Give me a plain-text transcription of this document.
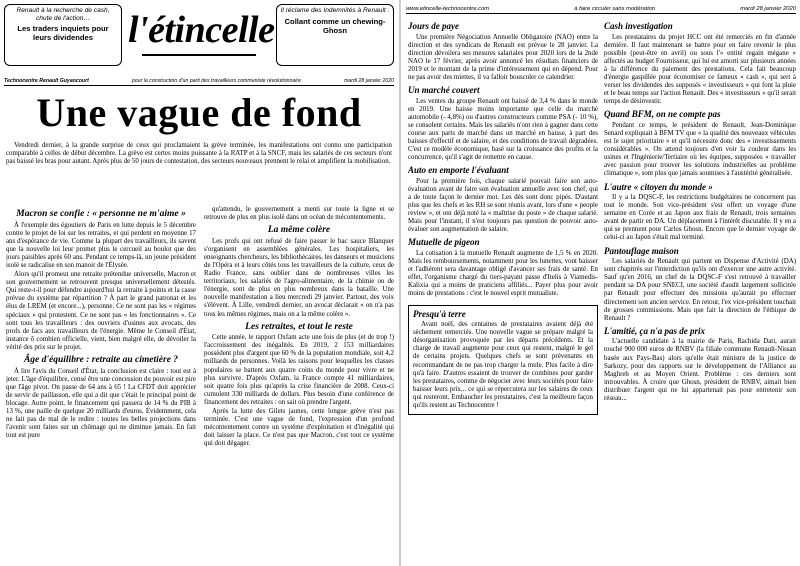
Renault à la recherche de cash, chute de l'action…
Les traders inquiets pour leurs dividendes l'étincelle Il réclame des Indemnités à Renault :
Collant comme un chewing-Ghosn
Technocentre Renault Guyancourt	pour la construction d'un parti des travailleurs communiste révolutionnaire	mardi 28 janvier 2020
Une vague de fond

Vendredi dernier, à la grande surprise de ceux qui proclamaient la grève terminée, les manifestations ont connu une participation comparable à celles de début décembre. La grève est certes moins puissante à la RATP et à la SNCF, mais les salariés de ces secteurs n'ont pas baissé les bras pour autant. Après plus de 50 jours de contestation, des secteurs nouveaux prennent le relai et amplifient la mobilisation.

Macron se confie : « personne ne m'aime »

À l'exemple des égoutiers de Paris en lutte depuis le 5 décembre contre le projet de loi sur les retraites, et qui perdent en moyenne 17 ans d'espérance de vie. Comme la plupart des travailleurs, ils savent que la nouvelle loi leur promet plus le cercueil au boulot que des jours paisibles après 60 ans. Pendant ce temps-là, un jeune président isolé se radicalise en son manoir de l'Élysée.

Alors qu'il promeut une retraite prétendue universelle, Macron et son gouvernement se retrouvent presque universellement détestés. Qui reste-t-il pour défendre aujourd'hui la retraite à points et la casse prévue du système par répartition ? À part le grand patronat et les élus de LREM (et encore...), personne. Ce ne sont pas les « régimes spéciaux » qui protestent. Ce ne sont pas « les fonctionnaires ». Ce sont tous les travailleurs : des ouvriers d'usines aux avocats, des profs de facs aux travailleurs de l'énergie. Même le Conseil d'État, instance ô combien officielle, vient, bien malgré elle, de dévoiler la vérité des prix sur le projet.

Âge d'équilibre : retraite au cimetière ?

À lire l'avis du Conseil d'État, la conclusion est claire : tout est à jeter. L'âge d'équilibre, censé être une concession du pouvoir est pire que l'âge pivot. On passe de 64 ans à 65 ! La CFDT doit apprécier de servir de paillasson, elle qui a dit que c'était le principal point de blocage. Autre point, le financement qui passera de 14 % du PIB à 13 %, une paille de quelque 20 milliards d'euros. Évidemment, cela ne fait pas de mal de le redire : toutes les belles projections dans l'avenir sont faites sur un chômage qui ne diminue jamais. En fait tout est pure

qu'attendu, le gouvernement a menti sur toute la ligne et se retrouve de plus en plus isolé dans un océan de mécontentements.

La même colère

Les profs qui ont refusé de faire passer le bac sauce Blanquer s'organisent en assemblées générales. Les hospitaliers, les enseignants chercheurs, les bibliothécaires, les danseurs et musiciens de l'Opéra et à leurs côtés tous les travailleurs de la culture, ceux de Radio France, sans oublier dans de nombreuses villes les territoriaux, les salariés de l'agro-alimentaire, de la chimie ou de l'énergie, sont de plus en plus nombreux dans la bataille. Une nouvelle manifestation a lieu mercredi 29 janvier. Partout, des voix s'élèvent. À Lille, vendredi dernier, un avocat déclarait « on n'a pas tous les mêmes régimes, mais on a la même colère ».

Les retraites, et tout le reste

Cette année, le rapport Oxfam acte une fois de plus (et de trop !) l'accroissement des inégalités. En 2019, 2 153 milliardaires possèdent plus d'argent que 60 % de la population mondiale, soit 4,2 milliards de personnes. Voilà les raisons pour lesquelles les classes populaires se battent aux quatre coins du monde pour vivre et ne plus survivre. D'après Oxfam, la France compte 41 milliardaires, soit quatre fois plus qu'après la crise financière de 2008. Ceux-ci cumulent 330 milliards de dollars. Plus besoin d'une conférence de financement des retraites : on sait où prendre l'argent.

Après la lutte des Gilets jaunes, cette longue grève n'est pas terminée. C'est une vague de fond, l'expression d'un profond mécontentement contre un système d'exploitation et d'inégalité qui doit laisser la place. Ce n'est pas que Macron, c'est tout ce système qui doit dégager.

www.etincelle-technocentre.com	à faire circuler sans modération	mardi 28 janvier 2020
Jours de paye

Une première Négociation Annuelle Obligatoire (NAO) entre la direction et des syndicats de Renault est prévue le 28 janvier. La direction dévoilera ses mesures salariales pour 2020 lors de la 2nde NAO le 17 février, après avoir annoncé les résultats financiers de 2019 et le montant de la prime d'intéressement qui en dépend. Pour ne pas avoir des miettes, il va falloir bousculer ce calendrier.

Un marché couvert

Les ventes du groupe Renault ont baissé de 3,4 % dans le monde en 2019. Une baisse moins importante que celle du marché automobile (- 4,8%) ou d'autres constructeurs comme PSA (- 10 %), se consolent certains. Mais les salariés n'ont rien à gagner dans cette course aux parts de marché dans un marché en baisse, à part des baisses d'effectif et de salaire, et des conditions de travail dégradées. C'est ce modèle économique, basé sur la croissance des profits et la concurrence, qu'il s'agit de remettre en cause.

Auto en emporte l'évaluant

Pour la première fois, chaque salarié pouvait faire son auto-évaluation avant de faire son évaluation annuelle avec son chef, qui a de toute façon le dernier mot. Les dés sont donc pipés. D'autant plus que les chefs et les RH se sont réunis avant, lors d'une « people review », et ont déjà noté la « maîtrise du poste » de chaque salarié. Mais pour l'instant, il n'est toujours pas question de pouvoir auto-évaluer son augmentation de salaire.

Mutuelle de pigeon

La cotisation à la mutuelle Renault augmente de 1,5 % en 2020. Mais les remboursements, notamment pour les lunettes, vont baisser et l'adhérent sera davantage obligé d'avancer ses frais de santé. En effet, l'organisme chargé du tiers-payant passe d'Itelis à Viamedis-Kalixia qui a moins de praticiens affiliés... Payer plus pour avoir moins de prestations : c'est le nouvel esprit mutualiste.

Presqu'à terre

Avant noël, des centaines de prestataires avaient déjà été sèchement remerciés. Une nouvelle vague se prépare malgré la désorganisation provoquée par les départs précédents. Et la charge de travail augmente pour ceux qui restent, malgré le gel de certains projets. Quelques chefs se sont prévenants en recommandant de ne pas trop charger la mule. Plus facile à dire qu'à faire. D'autres essaient de trouver de combines pour garder les prestataires, comme de négocier avec leurs sociétés pour faire baisser leurs prix... ce qui se répercutera sur les salaires de ceux qui resteront. Embaucher les prestataires, c'est la meilleure façon qu'ils restent au Technocentre !

Cash investigation

Les prestataires du projet HCC ont été remerciés en fin d'année dernière. Il faut maintenant se battre pour en faire revenir le plus possible (peut-être en avril) ou sous l'« entité regain mégane » affectés au budget Fournisseur, qui lui est amorti sur plusieurs années à la différence du paiement des prestations. Cela fait beaucoup d'énergie gaspillée pour économiser ce fameux « cash », qui sert à verser les dividendes des supposés « investisseurs » qui font la pluie et le beau temps sur l'action Renault. Des « investisseurs » qu'il serait temps de désinvestir.

Quand BFM, on ne compte pas

Pendant ce temps, le président de Renault, Jean-Dominique Senard expliquait à BFM TV que « la qualité des nouveaux véhicules est le sujet prioritaire » et qu'il nécessite donc des « investissements considérables ». On attend toujours d'en voir la couleur dans les usines et l'Ingénierie/Tertiaire où les équipes, supposées « travailler avec passion pour trouver les solutions industrielles au problème climatique », sont plus que jamais soumises à l'austérité généralisée.

L'autre « citoyen du monde »

Il y a la DQSC-F, les restrictions budgétaires ne concernent pas tout le monde. Son vice-président s'est offert un voyage d'une semaine en Corée et au Japon aux frais de Renault, trois semaines avant de partir en DA. Un déplacement à l'intérêt discutable. Il y en a qui se prennent pour Carlos Ghosn. Encore que le dernier voyage de celui-ci au Japon s'était mal terminé.

Pantouflage maison

Les salariés de Renault qui partent en Dispense d'Activité (DA) sont chapitrés sur l'interdiction qu'ils ont d'exercer une autre activité. Sauf qu'en 2016, un chef de la DQSC-F s'est retrouvé à travailler pendant sa DA pour SNECI, une société d'audit largement sollicitée par Renault pour effectuer des missions qu'aurait pu effectuer directement son ancien service. En retour, l'ex vice-président touchait de grosses commissions. Mais que fait la direction de l'éthique de Renault ?

L'amitié, ça n'a pas de prix

L'actuelle candidate à la mairie de Paris, Rachida Dati, aurait touché 900 000 euros de RNBV (la filiale commune Renault-Nissan basée aux Pays-Bas) alors qu'elle était ministre de la justice de Sarkozy, pour des rapports sur le développement de l'Alliance au Maghreb et au Moyen Orient. Problème : ces derniers sont introuvables. À croire que Ghosn, président de RNBV, aimait bien distribuer l'argent qui ne lui appartenait pas pour entretenir son réseau...
